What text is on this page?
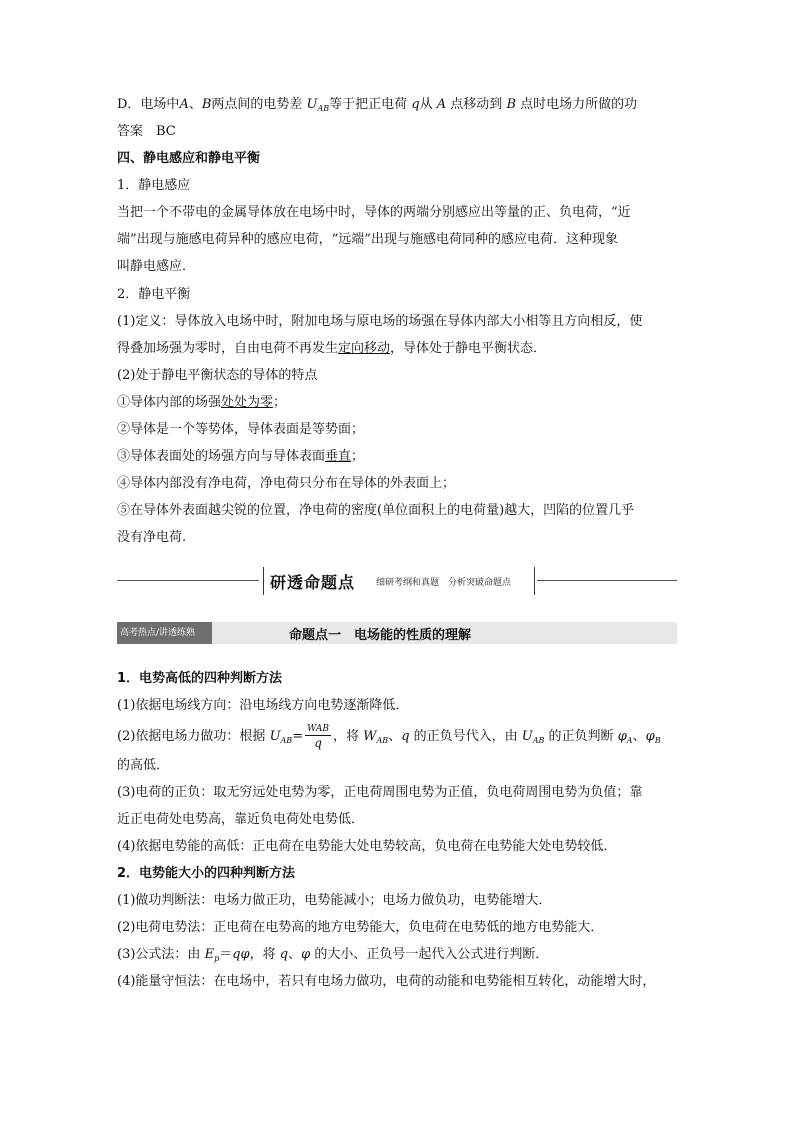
D．电场中A、B两点间的电势差 $U_{AB}$等于把正电荷 q从 A 点移动到 B 点时电场力所做的功
答案　BC
四、静电感应和静电平衡
1．静电感应
当把一个不带电的金属导体放在电场中时，导体的两端分别感应出等量的正、负电荷，“近
端”出现与施感电荷异种的感应电荷，“远端”出现与施感电荷同种的感应电荷．这种现象
叫静电感应．
2．静电平衡
(1)定义：导体放入电场中时，附加电场与原电场的场强在导体内部大小相等且方向相反，使
得叠加场强为零时，自由电荷不再发生定向移动，导体处于静电平衡状态．
(2)处于静电平衡状态的导体的特点
①导体内部的场强处处为零；
②导体是一个等势体，导体表面是等势面；
③导体表面处的场强方向与导体表面垂直；
④导体内部没有净电荷，净电荷只分布在导体的外表面上；
⑤在导体外表面越尖锐的位置，净电荷的密度(单位面积上的电荷量)越大，凹陷的位置几乎
没有净电荷.
研透命题点 细研考纲和真题　分析突破命题点
高考热点/讲透练熟	命题点一　电场能的性质的理解
1．电势高低的四种判断方法
(1)依据电场线方向：沿电场线方向电势逐渐降低．
(2)依据电场力做功：根据 $U_{AB}= \frac{\text{WAB}}{q}$ ，将 $W_{AB}$、q 的正负号代入，由 $U_{AB}$ 的正负判断 $\varphi_A$、$\varphi_B$
的高低．
(3)电荷的正负：取无穷远处电势为零，正电荷周围电势为正值，负电荷周围电势为负值；靠
近正电荷处电势高，靠近负电荷处电势低．
(4)依据电势能的高低：正电荷在电势能大处电势较高，负电荷在电势能大处电势较低．
2．电势能大小的四种判断方法
(1)做功判断法：电场力做正功，电势能减小；电场力做负功，电势能增大．
(2)电荷电势法：正电荷在电势高的地方电势能大，负电荷在电势低的地方电势能大．
(3)公式法：由 $E_p=q\varphi$，将 q、φ 的大小、正负号一起代入公式进行判断．
(4)能量守恒法：在电场中，若只有电场力做功，电荷的动能和电势能相互转化，动能增大时，
